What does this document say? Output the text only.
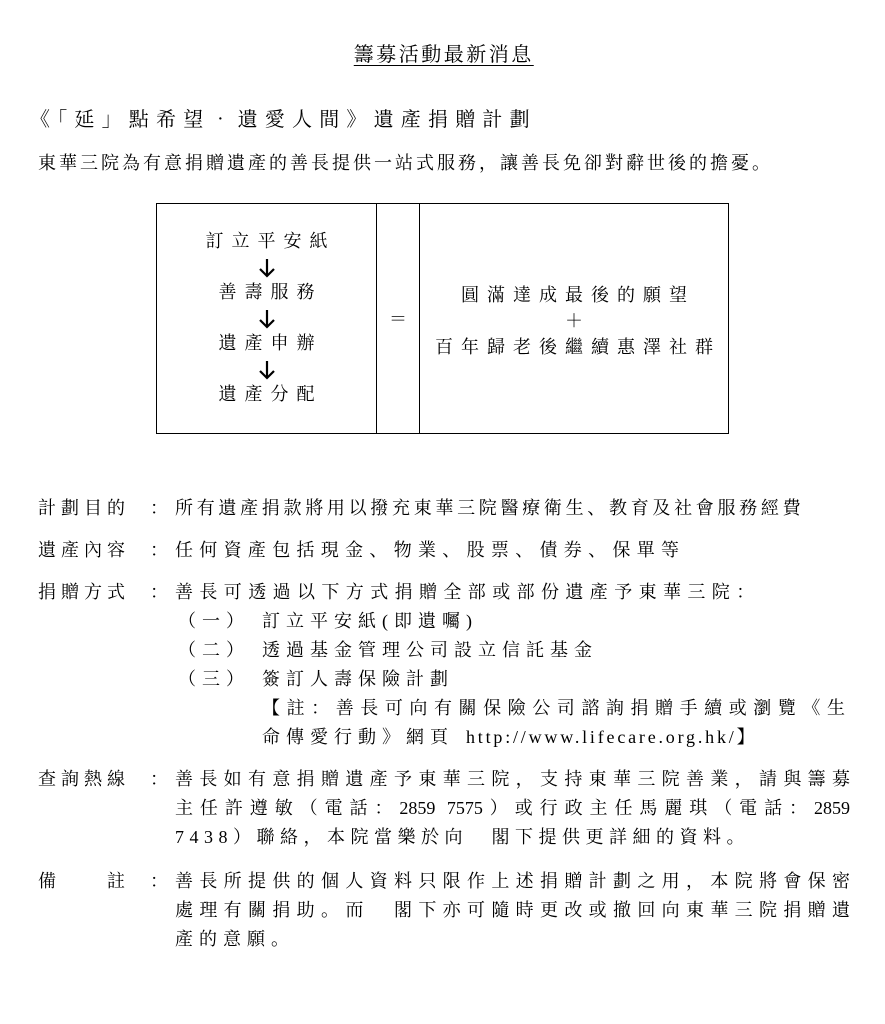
籌募活動最新消息
《「延」點希望‧遺愛人間》遺產捐贈計劃

東華三院為有意捐贈遺產的善長提供一站式服務，讓善長免卻對辭世後的擔憂。

訂立平安紙
善壽服務
遺產申辦
遺產分配
＝
圓滿達成最後的願望
＋
百年歸老後繼續惠澤社群
計劃目的	： 所有遺產捐款將用以撥充東華三院醫療衛生、教育及社會服務經費
遺產內容	： 任何資產包括現金、物業、股票、債券、保單等
捐贈方式	： 善長可透過以下方式捐贈全部或部份遺產予東華三院：
（一） 訂立平安紙(即遺囑)
（二） 透過基金管理公司設立信託基金
（三） 簽訂人壽保險計劃
【註：善長可向有關保險公司諮詢捐贈手續或瀏覽《生
命傳愛行動》網頁 http://www.lifecare.org.hk/】
查詢熱線	： 善長如有意捐贈遺產予東華三院，支持東華三院善業，請與籌募
主任許遵敏（電話：2859 7575）或行政主任馬麗琪（電話：2859
7438）聯絡，本院當樂於向　閣下提供更詳細的資料。
備　　註	： 善長所提供的個人資料只限作上述捐贈計劃之用，本院將會保密
處理有關捐助。而　閣下亦可隨時更改或撤回向東華三院捐贈遺
產的意願。
